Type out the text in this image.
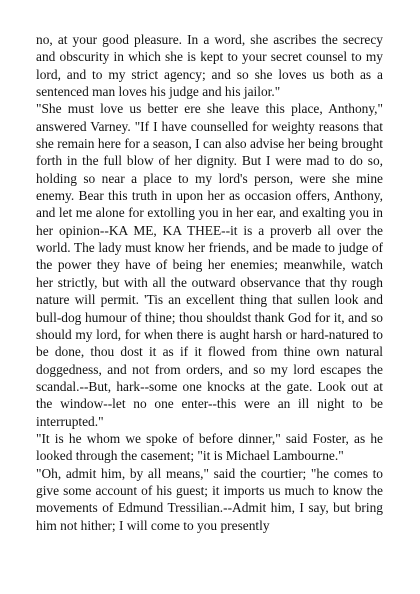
no, at your good pleasure. In a word, she ascribes the secrecy and obscurity in which she is kept to your secret counsel to my lord, and to my strict agency; and so she loves us both as a sentenced man loves his judge and his jailor."

"She must love us better ere she leave this place, Anthony," answered Varney. "If I have counselled for weighty reasons that she remain here for a season, I can also advise her being brought forth in the full blow of her dignity. But I were mad to do so, holding so near a place to my lord's person, were she mine enemy. Bear this truth in upon her as occasion offers, Anthony, and let me alone for extolling you in her ear, and exalting you in her opinion--KA ME, KA THEE--it is a proverb all over the world. The lady must know her friends, and be made to judge of the power they have of being her enemies; meanwhile, watch her strictly, but with all the outward observance that thy rough nature will permit. 'Tis an excellent thing that sullen look and bull-dog humour of thine; thou shouldst thank God for it, and so should my lord, for when there is aught harsh or hard-natured to be done, thou dost it as if it flowed from thine own natural doggedness, and not from orders, and so my lord escapes the scandal.--But, hark--some one knocks at the gate. Look out at the window--let no one enter--this were an ill night to be interrupted."

"It is he whom we spoke of before dinner," said Foster, as he looked through the casement; "it is Michael Lambourne."

"Oh, admit him, by all means," said the courtier; "he comes to give some account of his guest; it imports us much to know the movements of Edmund Tressilian.--Admit him, I say, but bring him not hither; I will come to you presently
